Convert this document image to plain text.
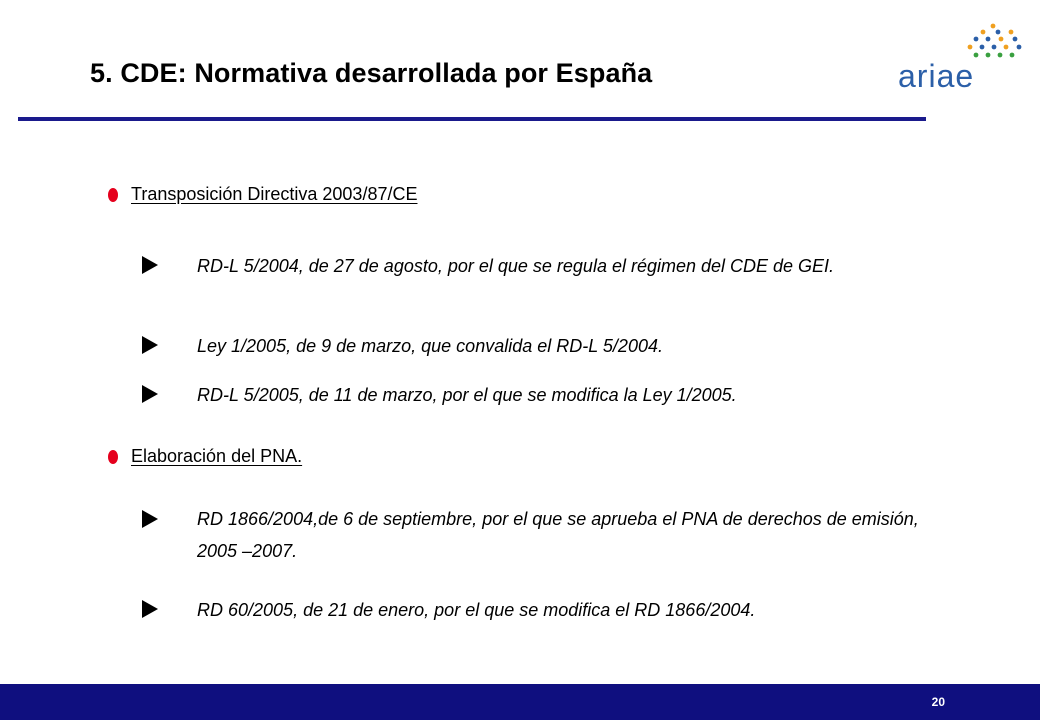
5. CDE: Normativa desarrollada por España	ariae
Transposición Directiva 2003/87/CE
RD-L 5/2004, de 27 de agosto, por el que se regula el régimen del CDE de GEI.
Ley 1/2005, de 9 de marzo, que convalida el RD-L 5/2004.
RD-L 5/2005, de 11 de marzo, por el que se modifica la Ley 1/2005.
Elaboración del PNA.
RD 1866/2004,de 6 de septiembre, por el que se aprueba el PNA de derechos de emisión, 2005 –2007.
RD 60/2005, de 21 de enero, por el que se modifica el RD 1866/2004.
20
